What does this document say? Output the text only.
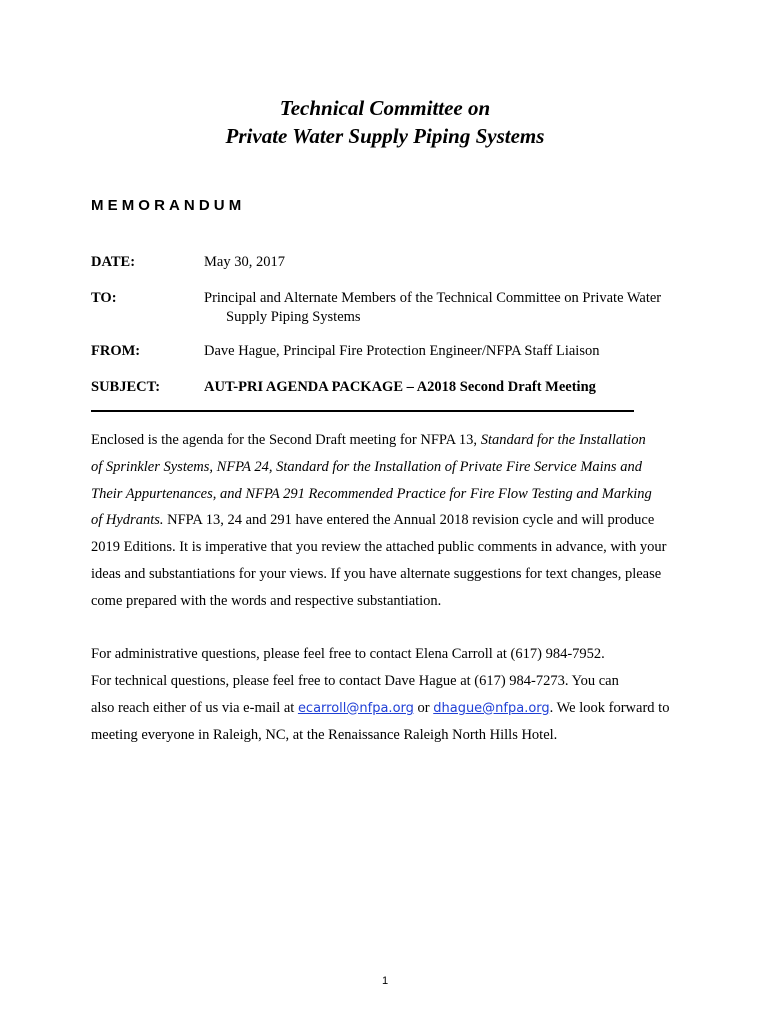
Technical Committee on
Private Water Supply Piping Systems
MEMORANDUM
DATE:	May 30, 2017
TO:	Principal and Alternate Members of the Technical Committee on Private Water
Supply Piping Systems
FROM:	Dave Hague, Principal Fire Protection Engineer/NFPA Staff Liaison
SUBJECT:	AUT-PRI AGENDA PACKAGE – A2018 Second Draft Meeting
Enclosed is the agenda for the Second Draft meeting for NFPA 13, Standard for the Installation
of Sprinkler Systems, NFPA 24, Standard for the Installation of Private Fire Service Mains and
Their Appurtenances, and NFPA 291 Recommended Practice for Fire Flow Testing and Marking
of Hydrants. NFPA 13, 24 and 291 have entered the Annual 2018 revision cycle and will produce
2019 Editions. It is imperative that you review the attached public comments in advance, with your
ideas and substantiations for your views. If you have alternate suggestions for text changes, please
come prepared with the words and respective substantiation.
For administrative questions, please feel free to contact Elena Carroll at (617) 984-7952.
For technical questions, please feel free to contact Dave Hague at (617) 984-7273. You can
also reach either of us via e-mail at ecarroll@nfpa.org or dhague@nfpa.org. We look forward to
meeting everyone in Raleigh, NC, at the Renaissance Raleigh North Hills Hotel.
1
